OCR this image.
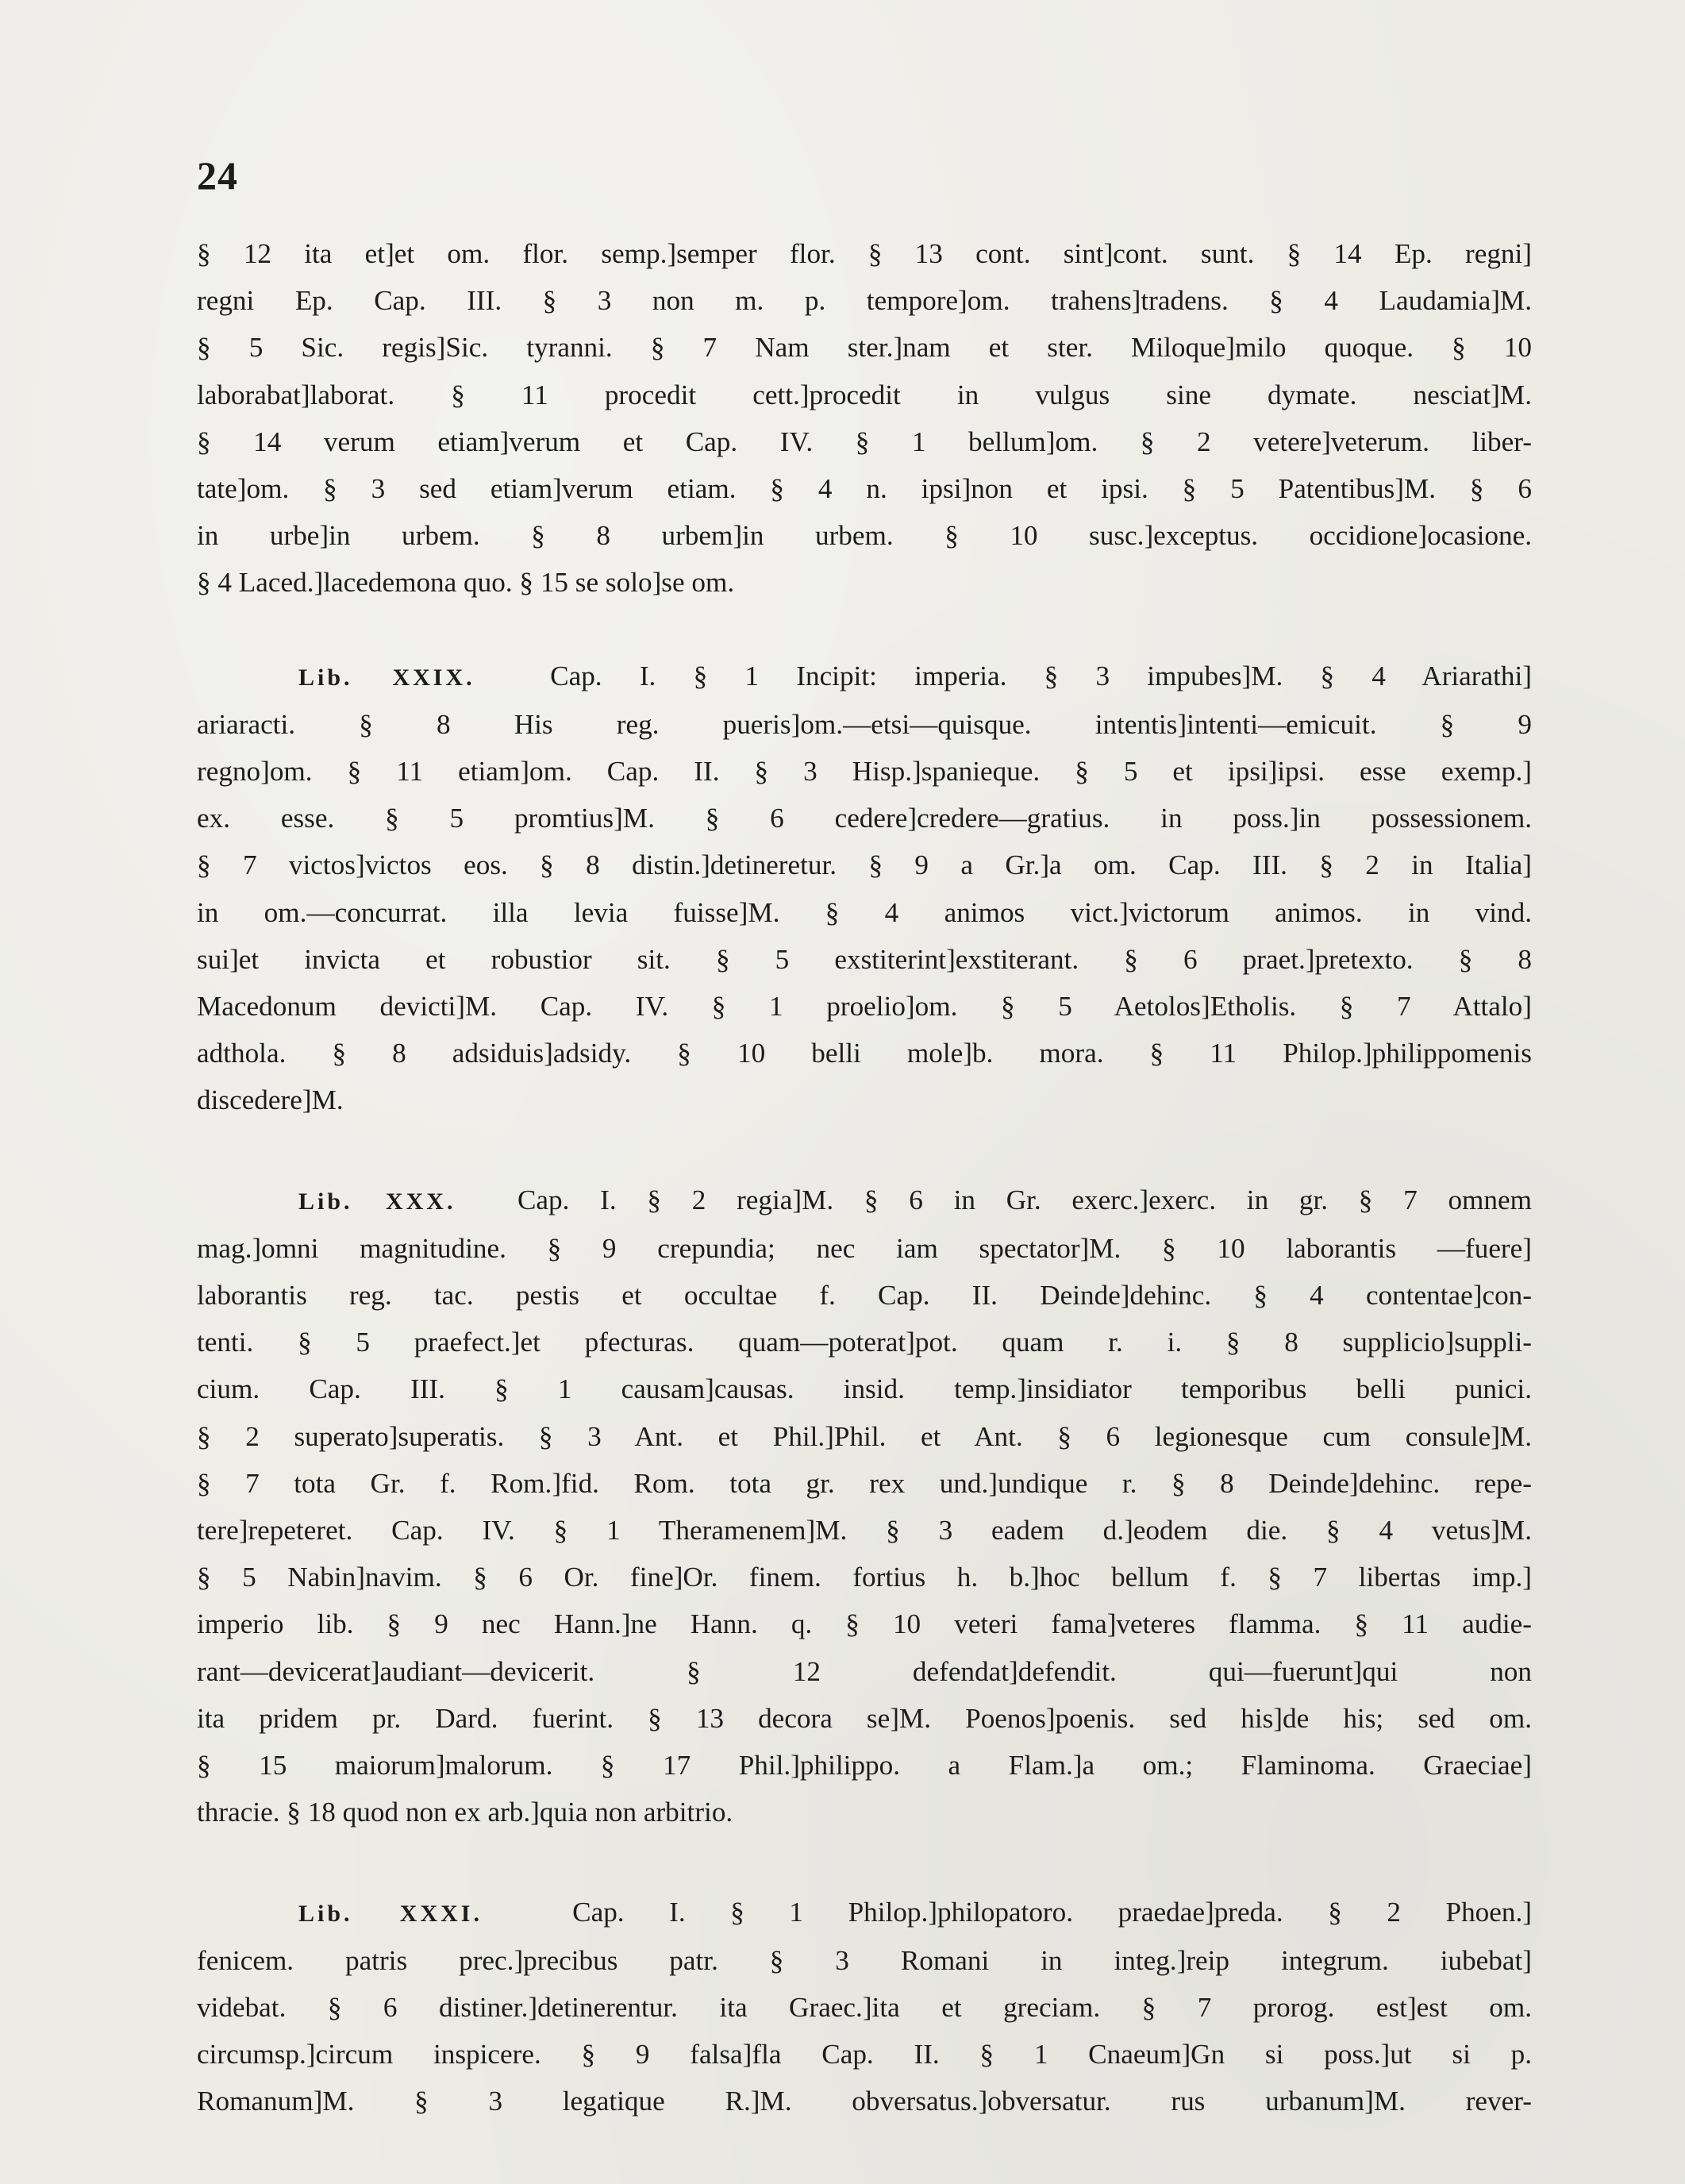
24

§ 12 ita et]et om. flor. semp.]semper flor. § 13 cont. sint]cont. sunt. § 14 Ep. regni]
regni Ep. Cap. III. § 3 non m. p. tempore]om. trahens]tradens. § 4 Laudamia]M.
§ 5 Sic. regis]Sic. tyranni. § 7 Nam ster.]nam et ster. Miloque]milo quoque. § 10
laborabat]laborat. § 11 procedit cett.]procedit in vulgus sine dymate. nesciat]M.
§ 14 verum etiam]verum et Cap. IV. § 1 bellum]om. § 2 vetere]veterum. liber-
tate]om. § 3 sed etiam]verum etiam. § 4 n. ipsi]non et ipsi. § 5 Patentibus]M. § 6
in urbe]in urbem. § 8 urbem]in urbem. § 10 susc.]exceptus. occidione]ocasione.
§ 4 Laced.]lacedemona quo. § 15 se solo]se om.

Lib. XXIX.	Cap. I. § 1 Incipit: imperia. § 3 impubes]M. § 4 Ariarathi]
ariaracti. § 8 His reg. pueris]om.—etsi—quisque. intentis]intenti—emicuit. § 9
regno]om. § 11 etiam]om. Cap. II. § 3 Hisp.]spanieque. § 5 et ipsi]ipsi. esse exemp.]
ex. esse. § 5 promtius]M. § 6 cedere]credere—gratius. in poss.]in possessionem.
§ 7 victos]victos eos. § 8 distin.]detineretur. § 9 a Gr.]a om. Cap. III. § 2 in Italia]
in om.—concurrat. illa levia fuisse]M. § 4 animos vict.]victorum animos. in vind.
sui]et invicta et robustior sit. § 5 exstiterint]exstiterant. § 6 praet.]pretexto. § 8
Macedonum devicti]M. Cap. IV. § 1 proelio]om. § 5 Aetolos]Etholis. § 7 Attalo]
adthola. § 8 adsiduis]adsidy. § 10 belli mole]b. mora. § 11 Philop.]philippomenis
discedere]M.

Lib. XXX. Cap. I. § 2 regia]M. § 6 in Gr. exerc.]exerc. in gr. § 7 omnem
mag.]omni magnitudine. § 9 crepundia; nec iam spectator]M. § 10 laborantis —fuere]
laborantis reg. tac. pestis et occultae f. Cap. II. Deinde]dehinc. § 4 contentae]con-
tenti. § 5 praefect.]et pfecturas. quam—poterat]pot. quam r. i. § 8 supplicio]suppli-
cium. Cap. III. § 1 causam]causas. insid. temp.]insidiator temporibus belli punici.
§ 2 superato]superatis. § 3 Ant. et Phil.]Phil. et Ant. § 6 legionesque cum consule]M.
§ 7 tota Gr. f. Rom.]fid. Rom. tota gr. rex und.]undique r. § 8 Deinde]dehinc. repe-
tere]repeteret. Cap. IV. § 1 Theramenem]M. § 3 eadem d.]eodem die. § 4 vetus]M.
§ 5 Nabin]navim. § 6 Or. fine]Or. finem. fortius h. b.]hoc bellum f. § 7 libertas imp.]
imperio lib. § 9 nec Hann.]ne Hann. q. § 10 veteri fama]veteres flamma. § 11 audie-
rant—devicerat]audiant—devicerit. § 12 defendat]defendit. qui—fuerunt]qui non
ita pridem pr. Dard. fuerint. § 13 decora se]M. Poenos]poenis. sed his]de his; sed om.
§ 15 maiorum]malorum. § 17 Phil.]philippo. a Flam.]a om.; Flaminoma. Graeciae]
thracie. § 18 quod non ex arb.]quia non arbitrio.

Lib. XXXI.	Cap. I. § 1 Philop.]philopatoro. praedae]preda. § 2 Phoen.]
fenicem. patris prec.]precibus patr. § 3 Romani in integ.]reip integrum. iubebat]
videbat. § 6 distiner.]detinerentur. ita Graec.]ita et greciam. § 7 prorog. est]est om.
circumsp.]circum inspicere. § 9 falsa]fla Cap. II. § 1 Cnaeum]Gn si poss.]ut si p.
Romanum]M. § 3 legatique R.]M. obversatus.]obversatur. rus urbanum]M. rever-
